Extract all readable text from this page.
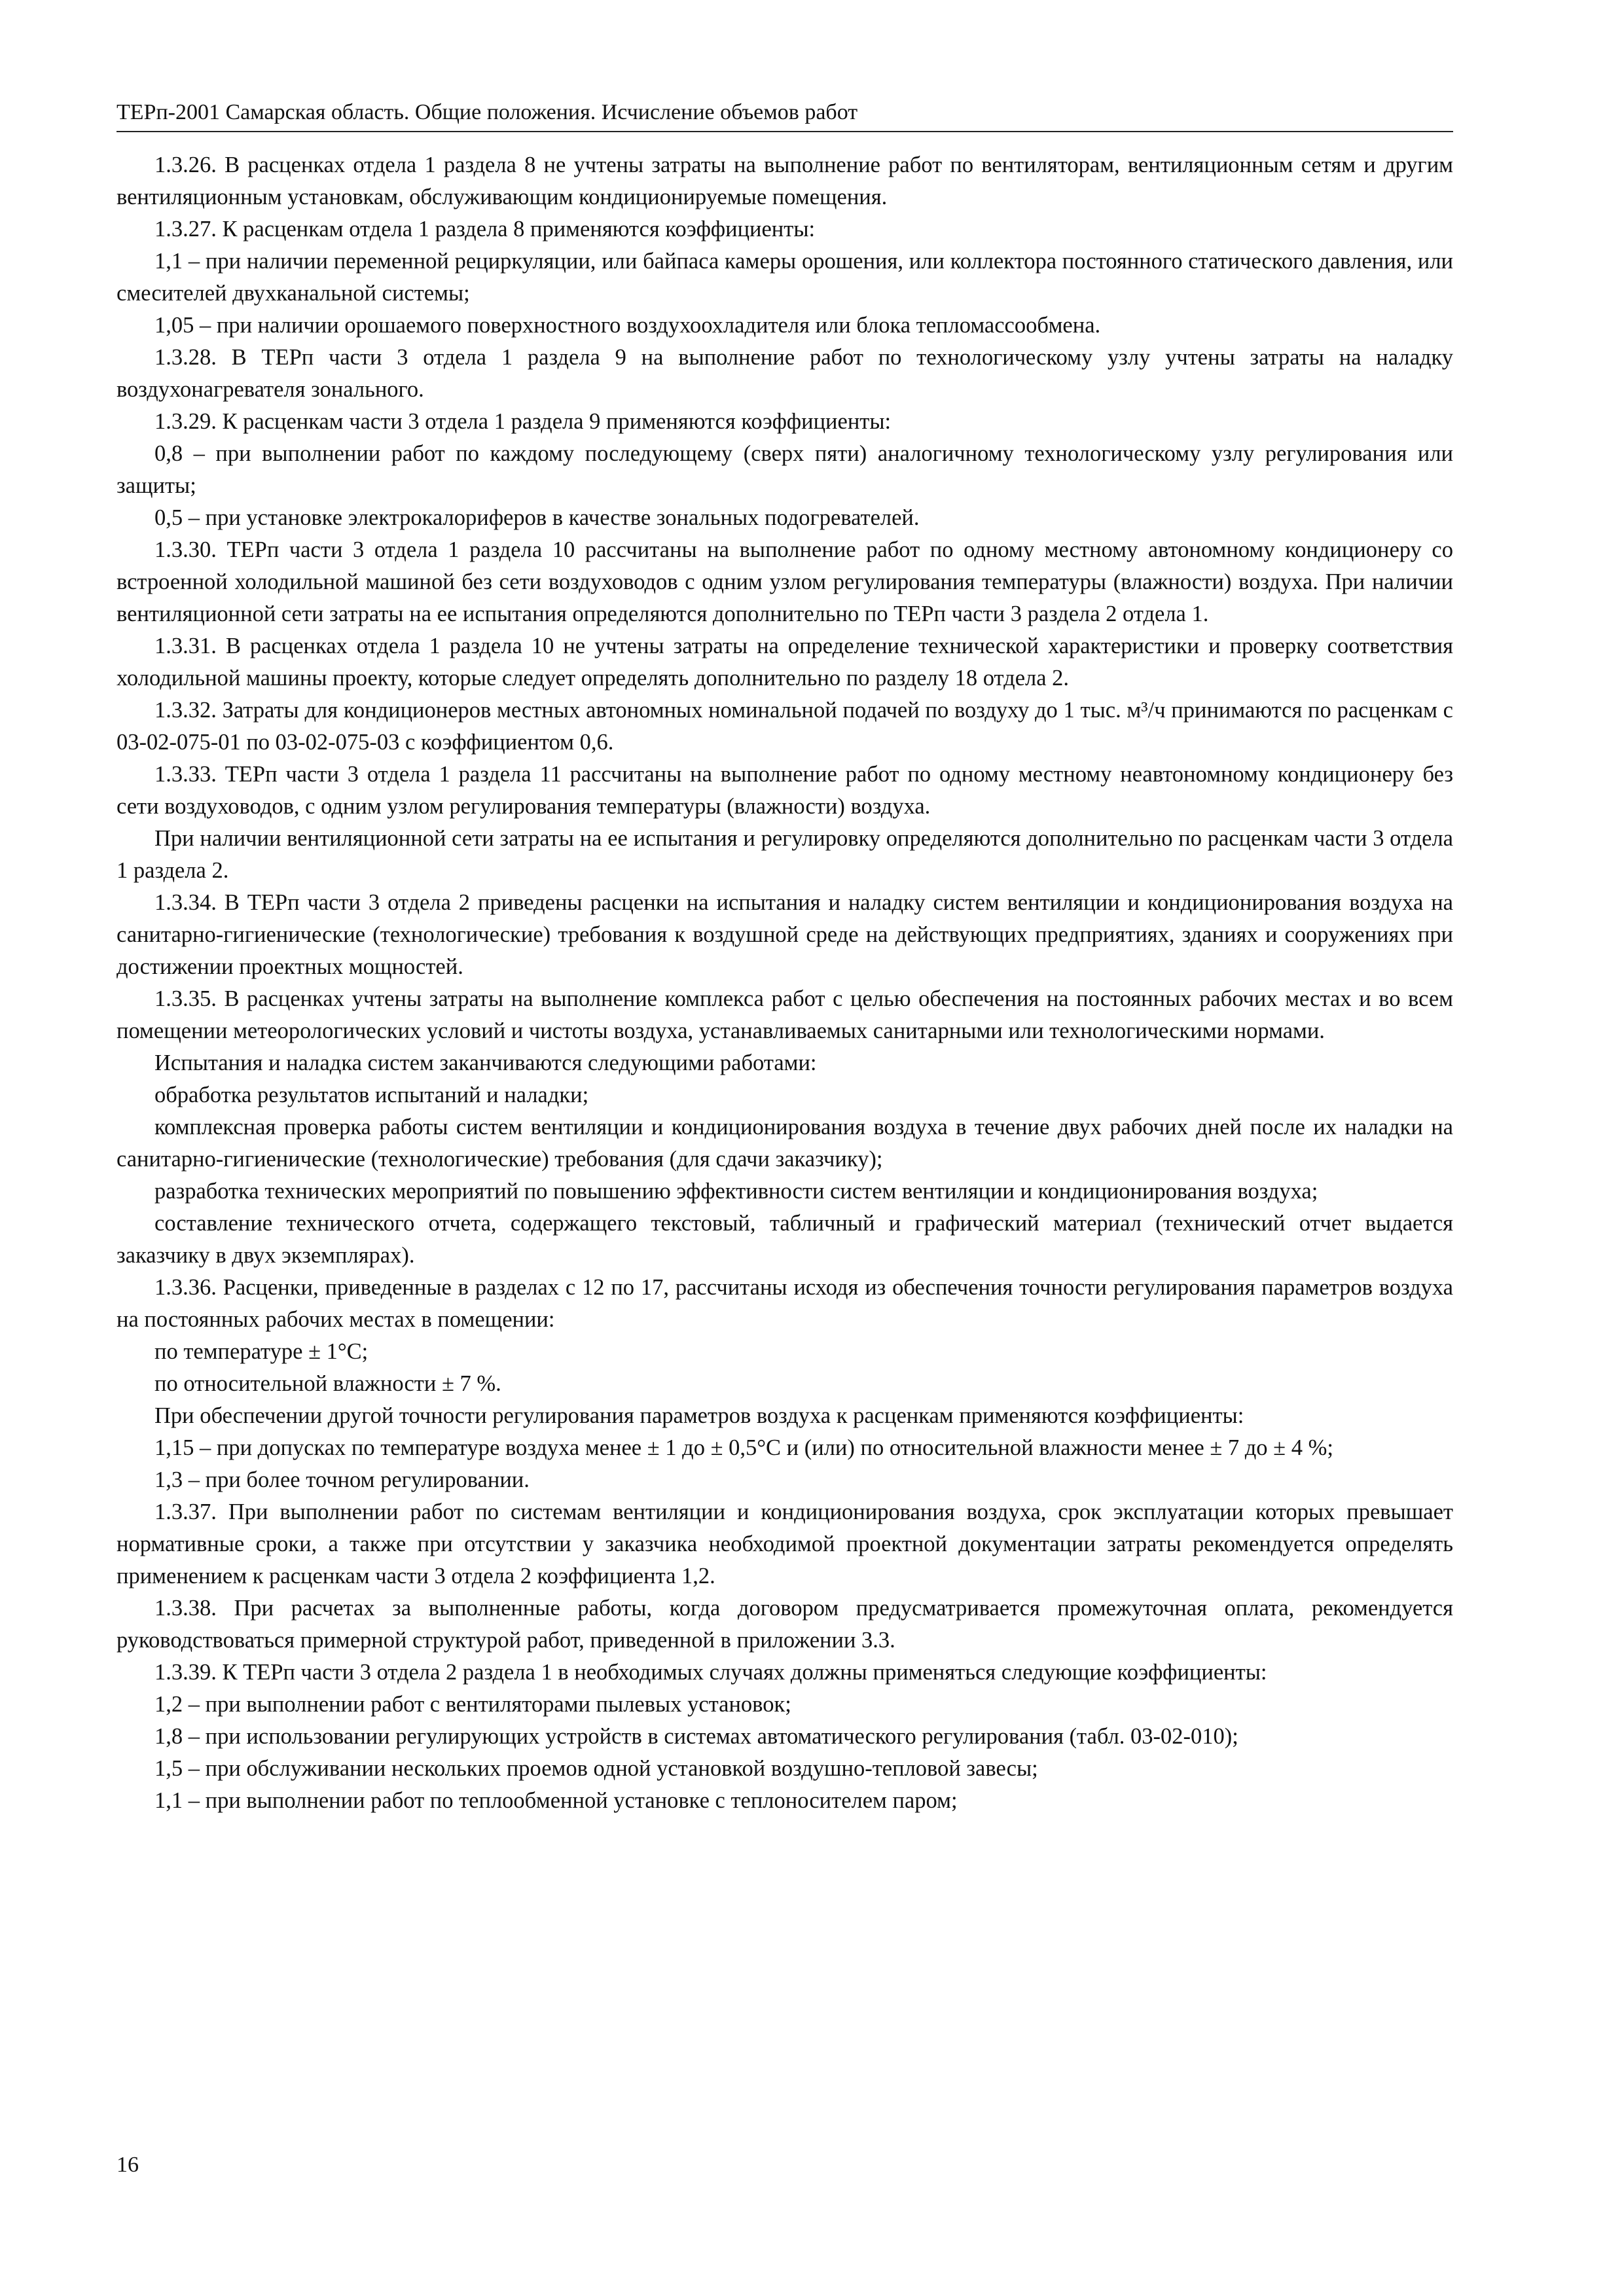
ТЕРп-2001 Самарская область. Общие положения. Исчисление объемов работ

1.3.26. В расценках отдела 1 раздела 8 не учтены затраты на выполнение работ по вентиляторам, вентиляционным сетям и другим вентиляционным установкам, обслуживающим кондиционируемые помещения.

1.3.27. К расценкам отдела 1 раздела 8 применяются коэффициенты:

1,1 – при наличии переменной рециркуляции, или байпаса камеры орошения, или коллектора постоянного статического давления, или смесителей двухканальной системы;

1,05 – при наличии орошаемого поверхностного воздухоохладителя или блока тепломассообмена.

1.3.28. В ТЕРп части 3 отдела 1 раздела 9 на выполнение работ по технологическому узлу учтены затраты на наладку воздухонагревателя зонального.

1.3.29. К расценкам части 3 отдела 1 раздела 9 применяются коэффициенты:

0,8 – при выполнении работ по каждому последующему (сверх пяти) аналогичному технологическому узлу регулирования или защиты;

0,5 – при установке электрокалориферов в качестве зональных подогревателей.

1.3.30. ТЕРп части 3 отдела 1 раздела 10 рассчитаны на выполнение работ по одному местному автономному кондиционеру со встроенной холодильной машиной без сети воздуховодов с одним узлом регулирования температуры (влажности) воздуха. При наличии вентиляционной сети затраты на ее испытания определяются дополнительно по ТЕРп части 3 раздела 2 отдела 1.

1.3.31. В расценках отдела 1 раздела 10 не учтены затраты на определение технической характеристики и проверку соответствия холодильной машины проекту, которые следует определять дополнительно по разделу 18 отдела 2.

1.3.32. Затраты для кондиционеров местных автономных номинальной подачей по воздуху до 1 тыс. м³/ч принимаются по расценкам с 03-02-075-01 по 03-02-075-03 с коэффициентом 0,6.

1.3.33. ТЕРп части 3 отдела 1 раздела 11 рассчитаны на выполнение работ по одному местному неавтономному кондиционеру без сети воздуховодов, с одним узлом регулирования температуры (влажности) воздуха.

При наличии вентиляционной сети затраты на ее испытания и регулировку определяются дополнительно по расценкам части 3 отдела 1 раздела 2.

1.3.34. В ТЕРп части 3 отдела 2 приведены расценки на испытания и наладку систем вентиляции и кондиционирования воздуха на санитарно-гигиенические (технологические) требования к воздушной среде на действующих предприятиях, зданиях и сооружениях при достижении проектных мощностей.

1.3.35. В расценках учтены затраты на выполнение комплекса работ с целью обеспечения на постоянных рабочих местах и во всем помещении метеорологических условий и чистоты воздуха, устанавливаемых санитарными или технологическими нормами.

Испытания и наладка систем заканчиваются следующими работами:

обработка результатов испытаний и наладки;

комплексная проверка работы систем вентиляции и кондиционирования воздуха в течение двух рабочих дней после их наладки на санитарно-гигиенические (технологические) требования (для сдачи заказчику);

разработка технических мероприятий по повышению эффективности систем вентиляции и кондиционирования воздуха;

составление технического отчета, содержащего текстовый, табличный и графический материал (технический отчет выдается заказчику в двух экземплярах).

1.3.36. Расценки, приведенные в разделах с 12 по 17, рассчитаны исходя из обеспечения точности регулирования параметров воздуха на постоянных рабочих местах в помещении:

по температуре ± 1°C;

по относительной влажности ± 7 %.

При обеспечении другой точности регулирования параметров воздуха к расценкам применяются коэффициенты:

1,15 – при допусках по температуре воздуха менее ± 1 до ± 0,5°C и (или) по относительной влажности менее ± 7 до ± 4 %;

1,3 – при более точном регулировании.

1.3.37. При выполнении работ по системам вентиляции и кондиционирования воздуха, срок эксплуатации которых превышает нормативные сроки, а также при отсутствии у заказчика необходимой проектной документации затраты рекомендуется определять применением к расценкам части 3 отдела 2 коэффициента 1,2.

1.3.38. При расчетах за выполненные работы, когда договором предусматривается промежуточная оплата, рекомендуется руководствоваться примерной структурой работ, приведенной в приложении 3.3.

1.3.39. К ТЕРп части 3 отдела 2 раздела 1 в необходимых случаях должны применяться следующие коэффициенты:

1,2 – при выполнении работ с вентиляторами пылевых установок;

1,8 – при использовании регулирующих устройств в системах автоматического регулирования (табл. 03-02-010);

1,5 – при обслуживании нескольких проемов одной установкой воздушно-тепловой завесы;

1,1 – при выполнении работ по теплообменной установке с теплоносителем паром;

16
